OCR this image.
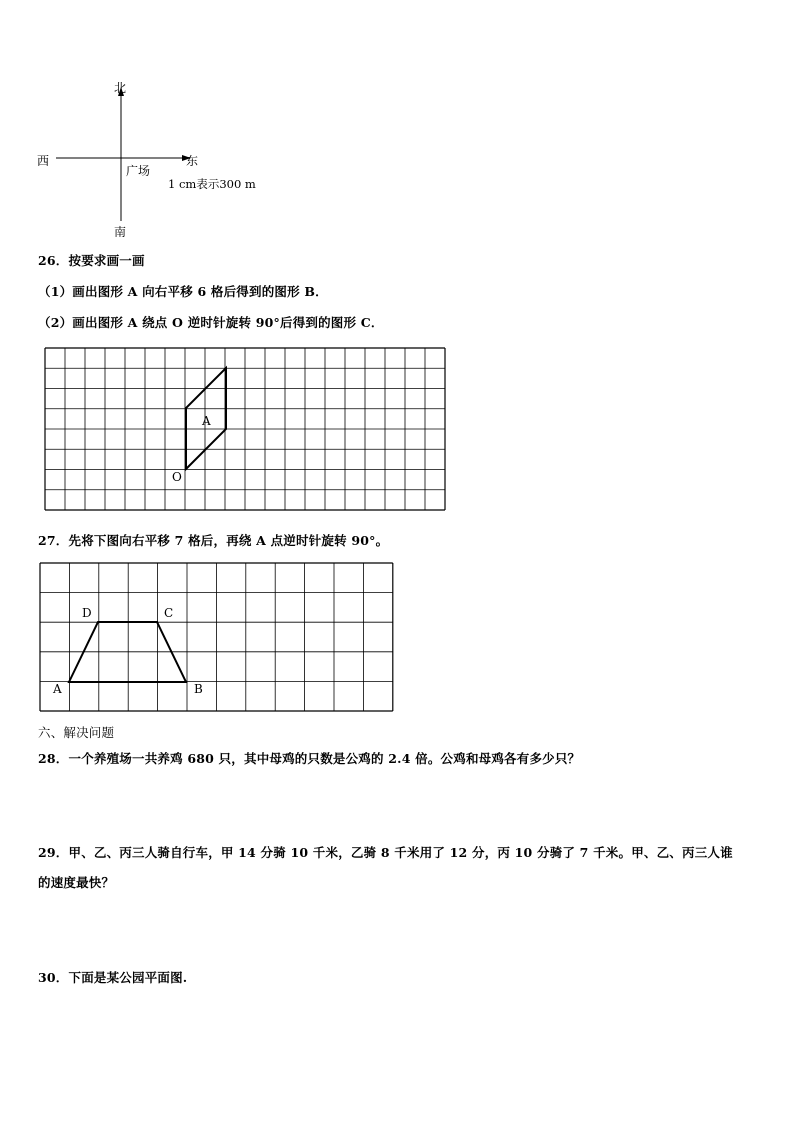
北
南
西	东
广场
1 cm表示300 m
26．按要求画一画
（1）画出图形 A 向右平移 6 格后得到的图形 B．
（2）画出图形 A 绕点 O 逆时针旋转 90°后得到的图形 C．
A
O
27．先将下图向右平移 7 格后，再绕 A 点逆时针旋转 90°。
D	C
A	B
六、解决问题
28．一个养殖场一共养鸡 680 只，其中母鸡的只数是公鸡的 2.4 倍。公鸡和母鸡各有多少只？
29．甲、乙、丙三人骑自行车，甲 14 分骑 10 千米，乙骑 8 千米用了 12 分，丙 10 分骑了 7 千米。甲、乙、丙三人谁
的速度最快？
30．下面是某公园平面图.
